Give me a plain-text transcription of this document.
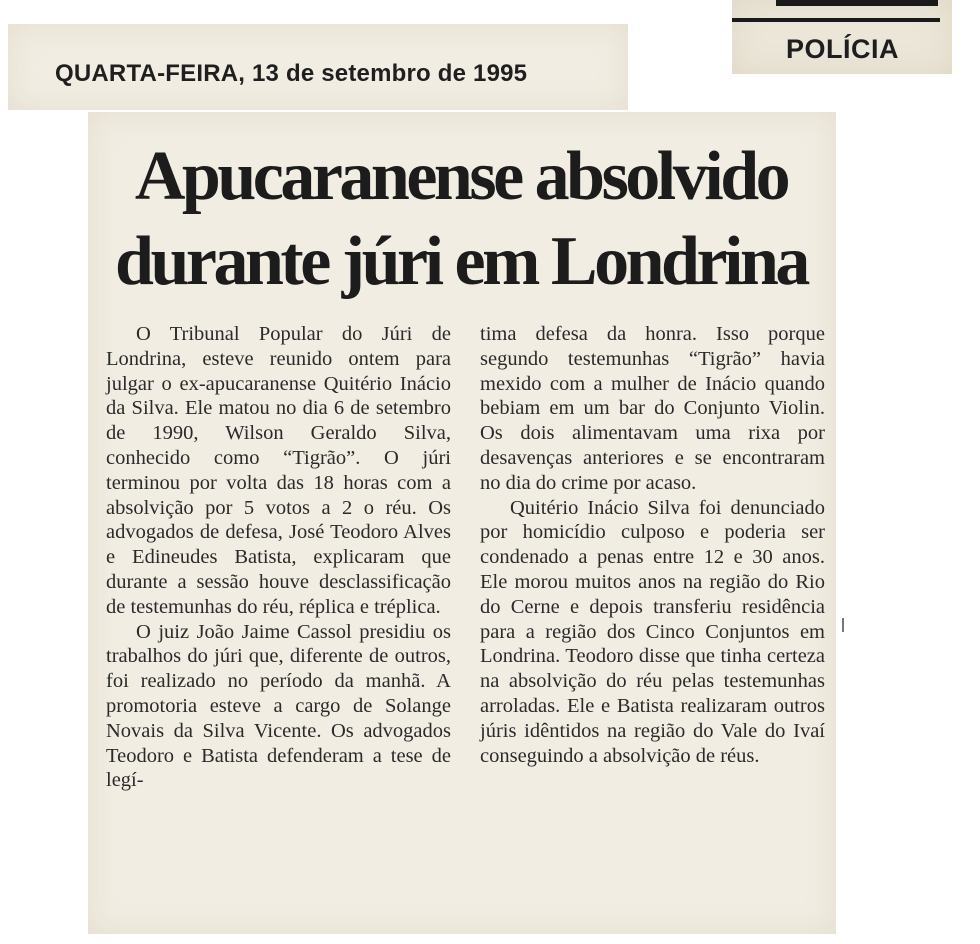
QUARTA-FEIRA, 13 de setembro de 1995
POLÍCIA
Apucaranense absolvido
durante júri em Londrina

O Tribunal Popular do Júri de Londrina, esteve reunido ontem para julgar o ex-apucaranense Quitério Inácio da Silva. Ele matou no dia 6 de setembro de 1990, Wilson Geraldo Silva, conhecido como “Tigrão”. O júri terminou por volta das 18 horas com a absolvição por 5 votos a 2 o réu. Os advogados de defesa, José Teodoro Alves e Edineudes Batista, explicaram que durante a sessão houve desclassificação de testemunhas do réu, réplica e tréplica.

O juiz João Jaime Cassol presidiu os trabalhos do júri que, diferente de outros, foi realizado no período da manhã. A promotoria esteve a cargo de Solange Novais da Silva Vicente. Os advogados Teodoro e Batista defenderam a tese de legí-

tima defesa da honra. Isso porque segundo testemunhas “Tigrão” havia mexido com a mulher de Inácio quando bebiam em um bar do Conjunto Violin. Os dois alimentavam uma rixa por desavenças anteriores e se encontraram no dia do crime por acaso.

Quitério Inácio Silva foi denunciado por homicídio culposo e poderia ser condenado a penas entre 12 e 30 anos. Ele morou muitos anos na região do Rio do Cerne e depois transferiu residência para a região dos Cinco Conjuntos em Londrina. Teodoro disse que tinha certeza na absolvição do réu pelas testemunhas arroladas. Ele e Batista realizaram outros júris idêntidos na região do Vale do Ivaí conseguindo a absolvição de réus.
